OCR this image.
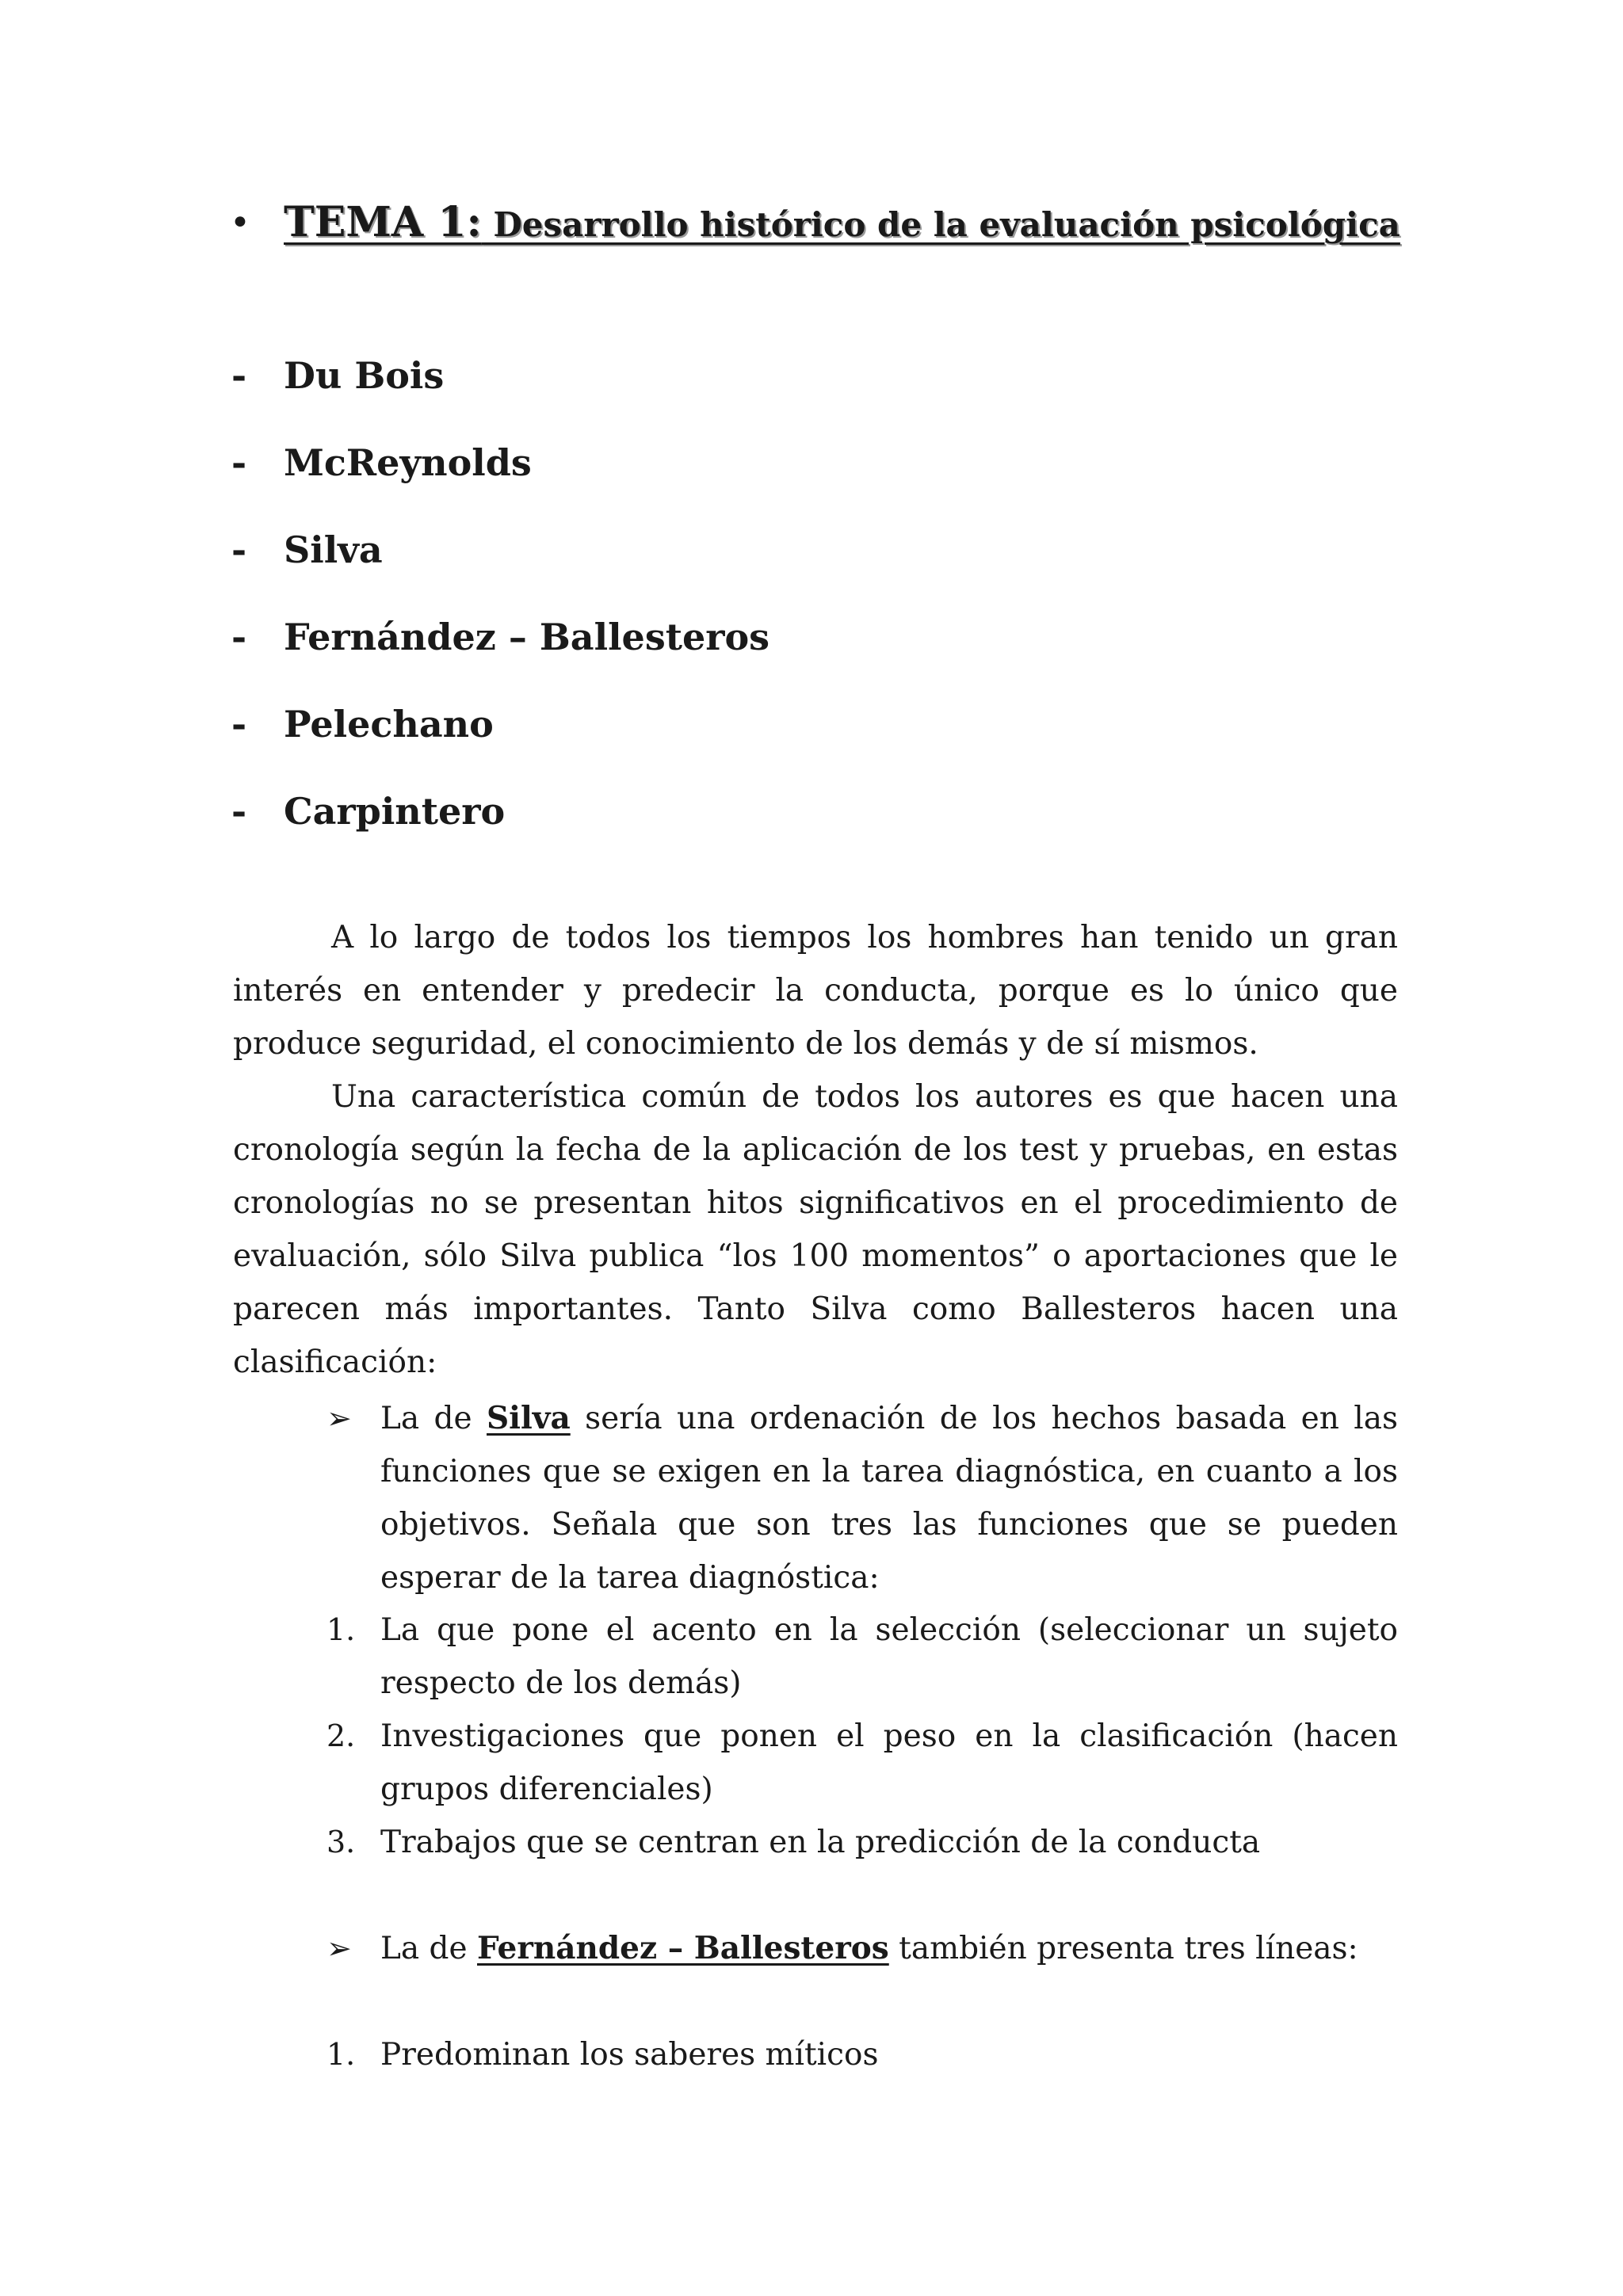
• TEMA 1: Desarrollo histórico de la evaluación psicológica
- Du Bois
- McReynolds
- Silva
- Fernández – Ballesteros
- Pelechano
- Carpintero

A lo largo de todos los tiempos los hombres han tenido un gran interés en entender y predecir la conducta, porque es lo único que produce seguridad, el conocimiento de los demás y de sí mismos.

Una característica común de todos los autores es que hacen una cronología según la fecha de la aplicación de los test y pruebas, en estas cronologías no se presentan hitos significativos en el procedimiento de evaluación, sólo Silva publica “los 100 momentos” o aportaciones que le parecen más importantes. Tanto Silva como Ballesteros hacen una clasificación:

➢ La de Silva sería una ordenación de los hechos basada en las funciones que se exigen en la tarea diagnóstica, en cuanto a los objetivos. Señala que son tres las funciones que se pueden esperar de la tarea diagnóstica:

1. La que pone el acento en la selección (seleccionar un sujeto respecto de los demás)

2. Investigaciones que ponen el peso en la clasificación (hacen grupos diferenciales)

3. Trabajos que se centran en la predicción de la conducta

➢ La de Fernández – Ballesteros también presenta tres líneas:

1. Predominan los saberes míticos
